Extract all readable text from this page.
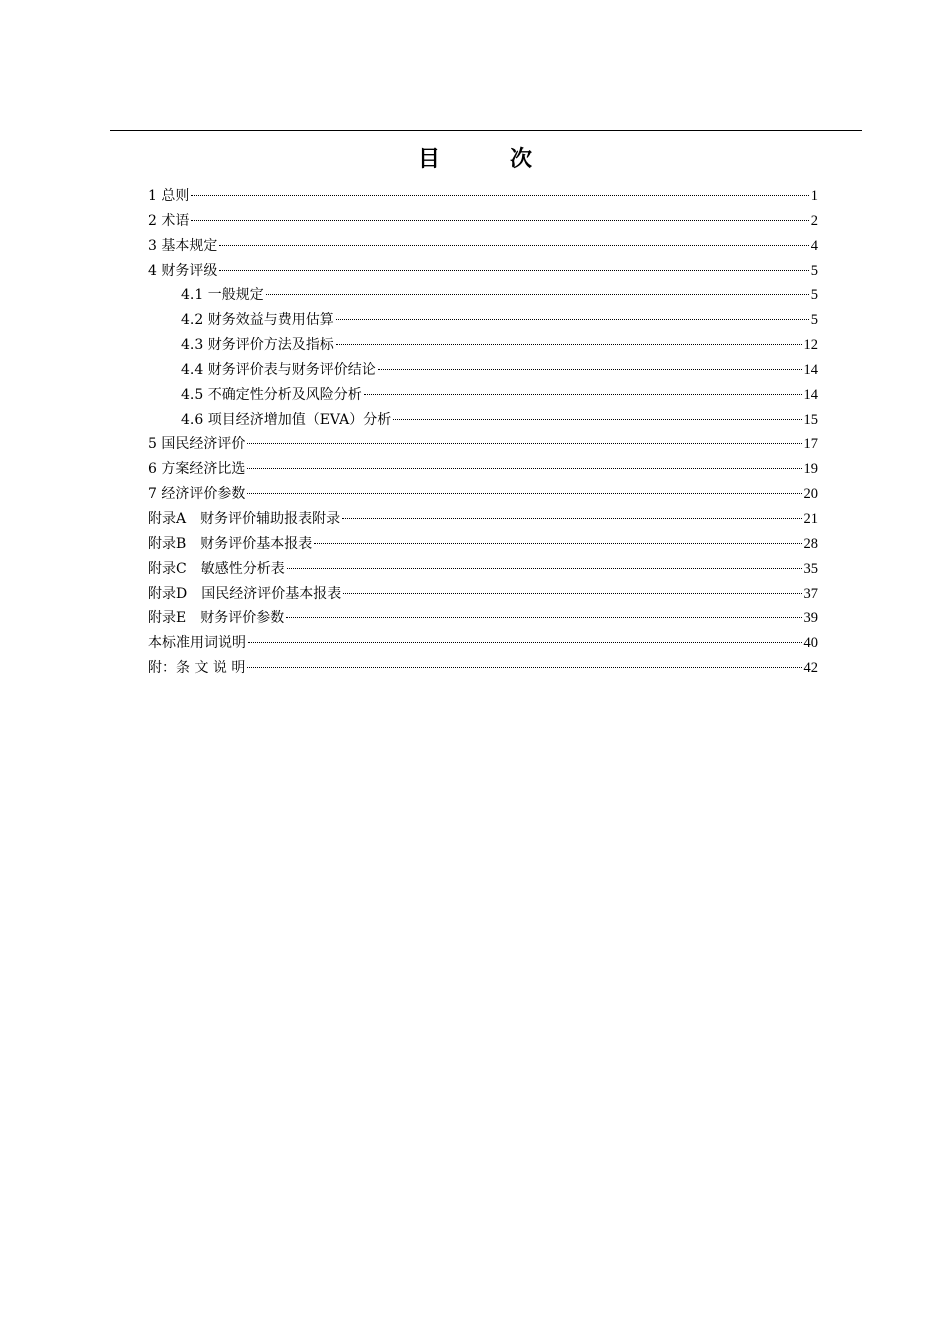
目　次
1 总则	1
2 术语	2
3 基本规定	4
4 财务评级	5
4.1 一般规定	5
4.2 财务效益与费用估算	5
4.3 财务评价方法及指标	12
4.4 财务评价表与财务评价结论	14
4.5 不确定性分析及风险分析	14
4.6 项目经济增加值（EVA）分析	15
5 国民经济评价	17
6 方案经济比选	19
7 经济评价参数	20
附录A　财务评价辅助报表附录	21
附录B　财务评价基本报表	28
附录C　敏感性分析表	35
附录D　国民经济评价基本报表	37
附录E　财务评价参数	39
本标准用词说明	40
附：条 文 说 明	42
